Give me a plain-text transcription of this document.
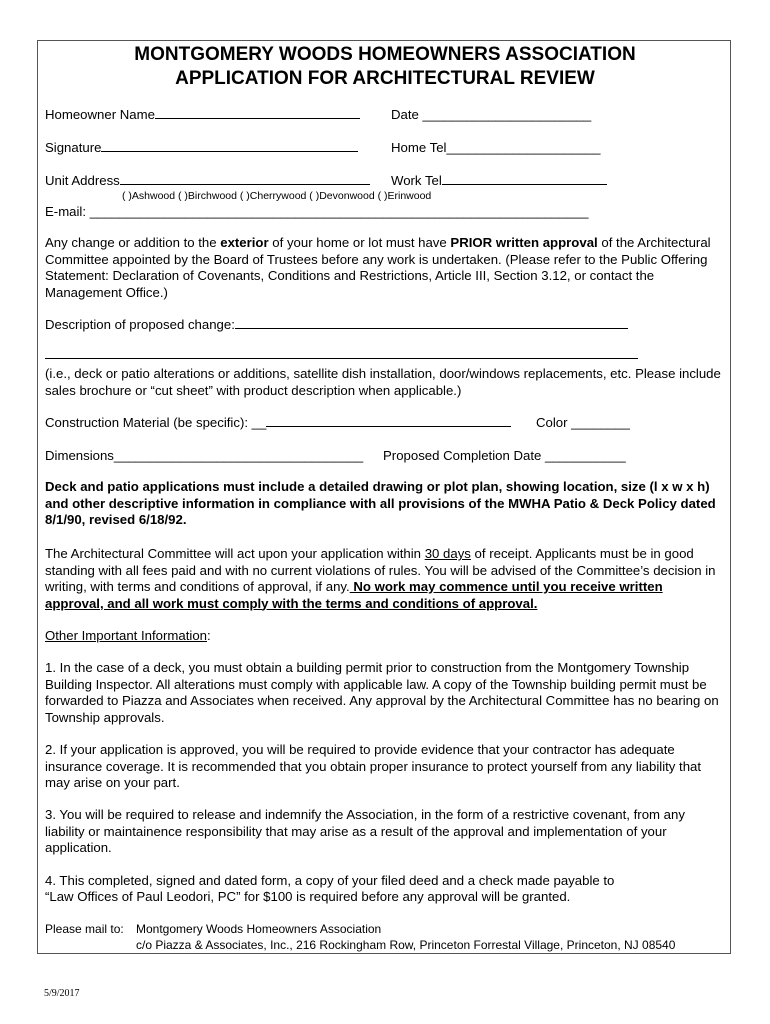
MONTGOMERY WOODS HOMEOWNERS ASSOCIATION
APPLICATION FOR ARCHITECTURAL REVIEW
Homeowner Name	Date _______________________
Signature	Home Tel_____________________
Unit Address	Work Tel
( )Ashwood ( )Birchwood ( )Cherrywood ( )Devonwood ( )Erinwood
E-mail: ____________________________________________________________________
Any change or addition to the exterior of your home or lot must have PRIOR written approval of the Architectural Committee appointed by the Board of Trustees before any work is undertaken. (Please refer to the Public Offering Statement: Declaration of Covenants, Conditions and Restrictions, Article III, Section 3.12, or contact the Management Office.)
Description of proposed change:
(i.e., deck or patio alterations or additions, satellite dish installation, door/windows replacements, etc. Please include sales brochure or “cut sheet” with product description when applicable.)
Construction Material (be specific): __	Color ________
Dimensions__________________________________ Proposed Completion Date ___________
Deck and patio applications must include a detailed drawing or plot plan, showing location, size (l x w x h) and other descriptive information in compliance with all provisions of the MWHA Patio & Deck Policy dated 8/1/90, revised 6/18/92.
The Architectural Committee will act upon your application within 30 days of receipt. Applicants must be in good standing with all fees paid and with no current violations of rules. You will be advised of the Committee’s decision in writing, with terms and conditions of approval, if any. No work may commence until you receive written approval, and all work must comply with the terms and conditions of approval.
Other Important Information:
1. In the case of a deck, you must obtain a building permit prior to construction from the Montgomery Township Building Inspector. All alterations must comply with applicable law. A copy of the Township building permit must be forwarded to Piazza and Associates when received. Any approval by the Architectural Committee has no bearing on Township approvals.
2. If your application is approved, you will be required to provide evidence that your contractor has adequate insurance coverage. It is recommended that you obtain proper insurance to protect yourself from any liability that may arise on your part.
3. You will be required to release and indemnify the Association, in the form of a restrictive covenant, from any liability or maintainence responsibility that may arise as a result of the approval and implementation of your application.
4. This completed, signed and dated form, a copy of your filed deed and a check made payable to
“Law Offices of Paul Leodori, PC” for $100 is required before any approval will be granted.
Please mail to: Montgomery Woods Homeowners Association
c/o Piazza & Associates, Inc., 216 Rockingham Row, Princeton Forrestal Village, Princeton, NJ 08540
5/9/2017
